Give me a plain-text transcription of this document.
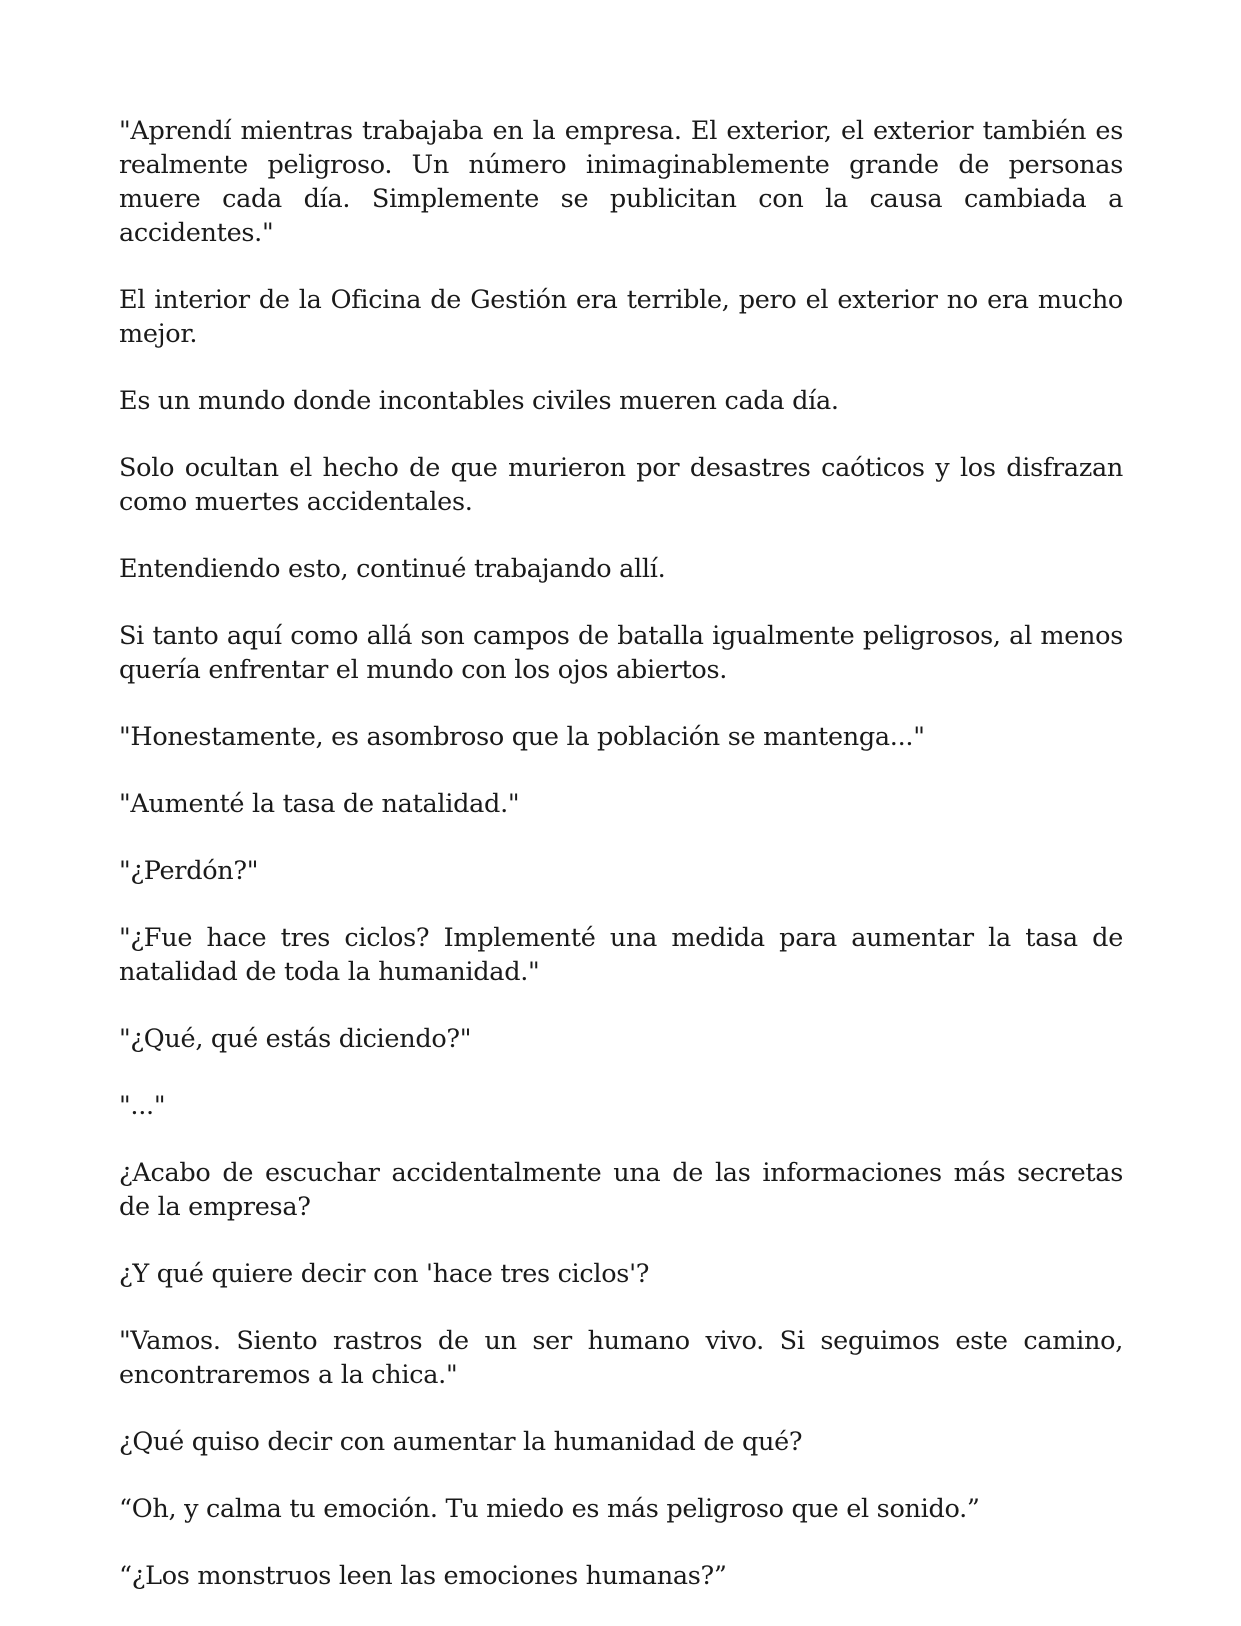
"Aprendí mientras trabajaba en la empresa. El exterior, el exterior también es realmente peligroso. Un número inimaginablemente grande de personas muere cada día. Simplemente se publicitan con la causa cambiada a accidentes."

El interior de la Oficina de Gestión era terrible, pero el exterior no era mucho mejor.

Es un mundo donde incontables civiles mueren cada día.

Solo ocultan el hecho de que murieron por desastres caóticos y los disfrazan como muertes accidentales.

Entendiendo esto, continué trabajando allí.

Si tanto aquí como allá son campos de batalla igualmente peligrosos, al menos quería enfrentar el mundo con los ojos abiertos.

"Honestamente, es asombroso que la población se mantenga..."

"Aumenté la tasa de natalidad."

"¿Perdón?"

"¿Fue hace tres ciclos? Implementé una medida para aumentar la tasa de natalidad de toda la humanidad."

"¿Qué, qué estás diciendo?"

"..."

¿Acabo de escuchar accidentalmente una de las informaciones más secretas de la empresa?

¿Y qué quiere decir con 'hace tres ciclos'?

"Vamos. Siento rastros de un ser humano vivo. Si seguimos este camino, encontraremos a la chica."

¿Qué quiso decir con aumentar la humanidad de qué?

“Oh, y calma tu emoción. Tu miedo es más peligroso que el sonido.”

“¿Los monstruos leen las emociones humanas?”
